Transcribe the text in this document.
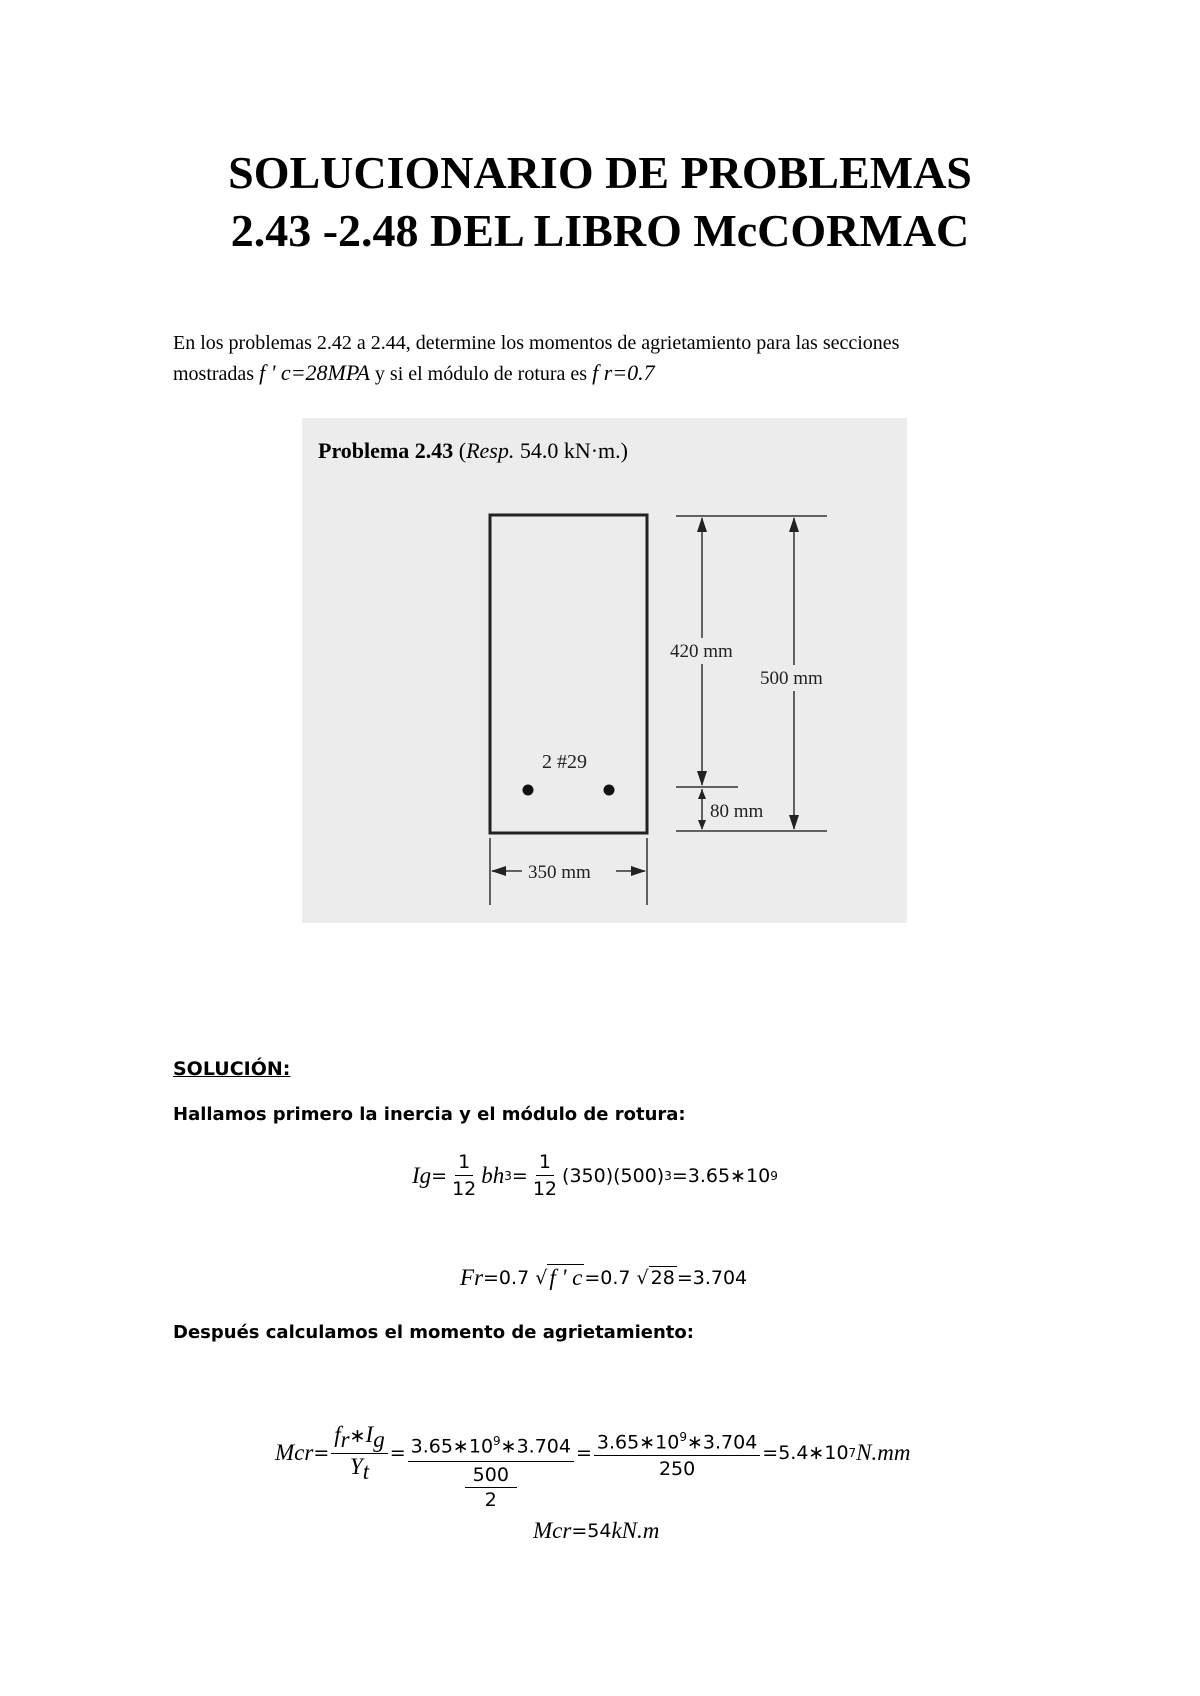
SOLUCIONARIO DE PROBLEMAS
2.43 -2.48 DEL LIBRO McCORMAC
En los problemas 2.42 a 2.44, determine los momentos de agrietamiento para las secciones
mostradas f ' c=28MPA y si el módulo de rotura es f r=0.7
Problema 2.43 (Resp. 54.0 kN·m.)
2 #29
420 mm
500 mm
80 mm
350 mm
SOLUCIÓN:
Hallamos primero la inercia y el módulo de rotura:
I $g = \frac{1}{12}$ bh $3 = \frac{1}{12} (350)(500)$ 3 =3.65∗10 9
F r =0.7 √ f ' c =0.7 √ 28 =3.704
Después calculamos el momento de agrietamiento:
M cr = $\frac{f_r∗I_g}{Y_t} = \frac{3.65∗10^9∗3.704}{\frac{500}{2}} = \frac{3.65∗10^9∗3.704}{250}$ =5.4∗10 7 N.mm
M cr =54 kN.m
